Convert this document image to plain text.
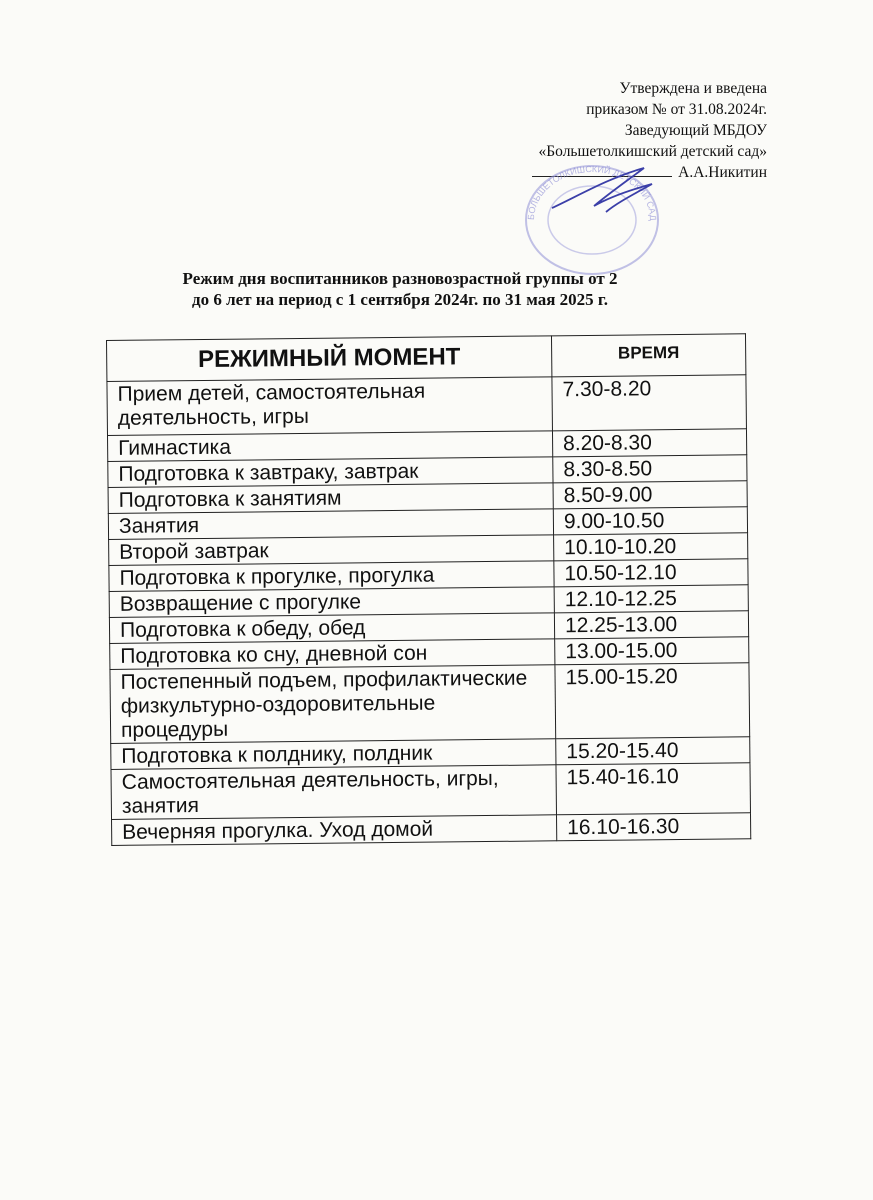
Утверждена и введена
приказом № от 31.08.2024г.
Заведующий МБДОУ
«Большетолкишский детский сад»
А.А.Никитин
БОЛЬШЕТОЛКИШСКИЙ ДЕТСКИЙ САД
Режим дня воспитанников разновозрастной группы от 2
до 6 лет на период с 1 сентября 2024г. по 31 мая 2025 г.
РЕЖИМНЫЙ МОМЕНТ	ВРЕМЯ
Прием детей, самостоятельная деятельность, игры	7.30-8.20
Гимнастика	8.20-8.30
Подготовка к завтраку, завтрак	8.30-8.50
Подготовка к занятиям	8.50-9.00
Занятия	9.00-10.50
Второй завтрак	10.10-10.20
Подготовка к прогулке, прогулка	10.50-12.10
Возвращение с прогулке	12.10-12.25
Подготовка к обеду, обед	12.25-13.00
Подготовка ко сну, дневной сон	13.00-15.00
Постепенный подъем, профилактические физкультурно-оздоровительные процедуры	15.00-15.20
Подготовка к полднику, полдник	15.20-15.40
Самостоятельная деятельность, игры, занятия	15.40-16.10
Вечерняя прогулка. Уход домой	16.10-16.30
